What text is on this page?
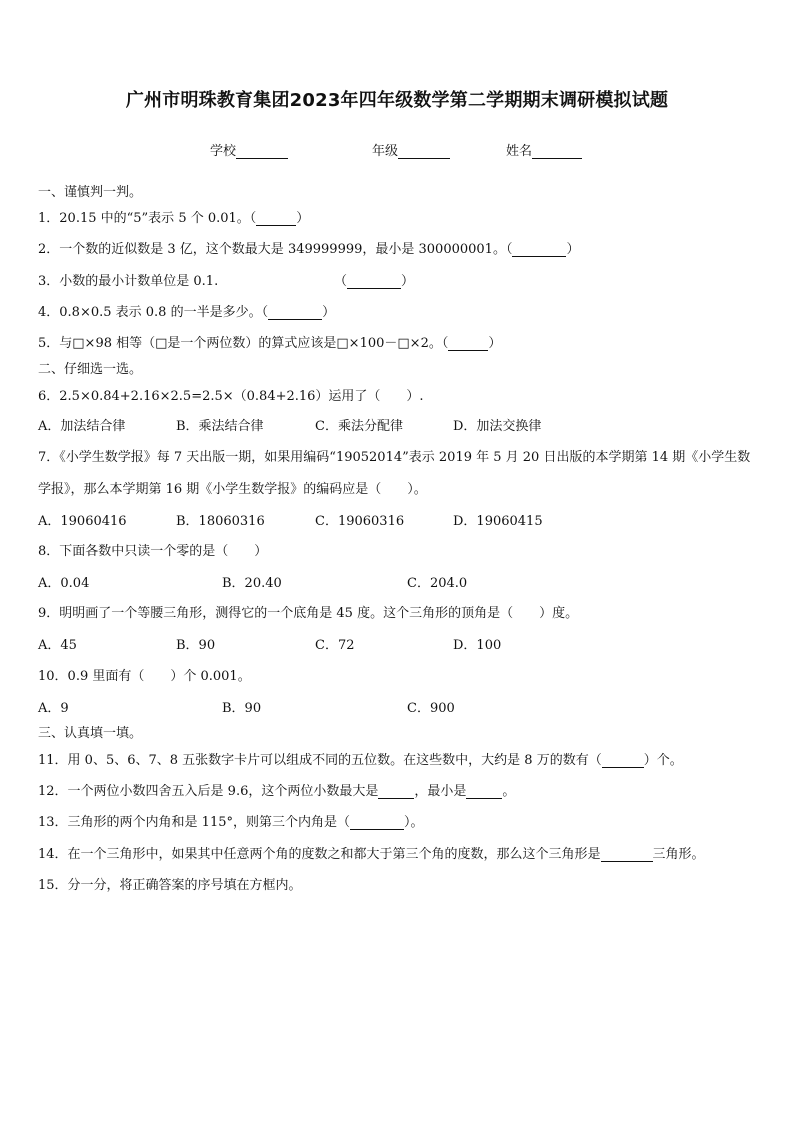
广州市明珠教育集团2023年四年级数学第二学期期末调研模拟试题
学校	年级	姓名
一、谨慎判一判。
1．20.15 中的“5”表示 5 个 0.01。（	）
2．一个数的近似数是 3 亿，这个数最大是 349999999，最小是 300000001。（	）
3．小数的最小计数单位是 0.1.	（	）
4．0.8×0.5 表示 0.8 的一半是多少。（	）
5．与□×98 相等（□是一个两位数）的算式应该是□×100－□×2。（	）
二、仔细选一选。
6．2.5×0.84+2.16×2.5=2.5×（0.84+2.16）运用了（　　）.
A．加法结合律	B．乘法结合律	C．乘法分配律	D．加法交换律
7．《小学生数学报》每 7 天出版一期，如果用编码“19052014”表示 2019 年 5 月 20 日出版的本学期第 14 期《小学生数
学报》，那么本学期第 16 期《小学生数学报》的编码应是（　　）。
A．19060416	B．18060316	C．19060316	D．19060415
8．下面各数中只读一个零的是（　　）
A．0.04	B．20.40	C．204.0
9．明明画了一个等腰三角形，测得它的一个底角是 45 度。这个三角形的顶角是（　　）度。
A．45	B．90	C．72	D．100
10．0.9 里面有（　　）个 0.001。
A．9	B．90	C．900
三、认真填一填。
11．用 0、5、6、7、8 五张数字卡片可以组成不同的五位数。在这些数中，大约是 8 万的数有（	）个。
12．一个两位小数四舍五入后是 9.6，这个两位小数最大是	，最小是	。
13．三角形的两个内角和是 115°，则第三个内角是（	）。
14．在一个三角形中，如果其中任意两个角的度数之和都大于第三个角的度数，那么这个三角形是	三角形。
15．分一分，将正确答案的序号填在方框内。
